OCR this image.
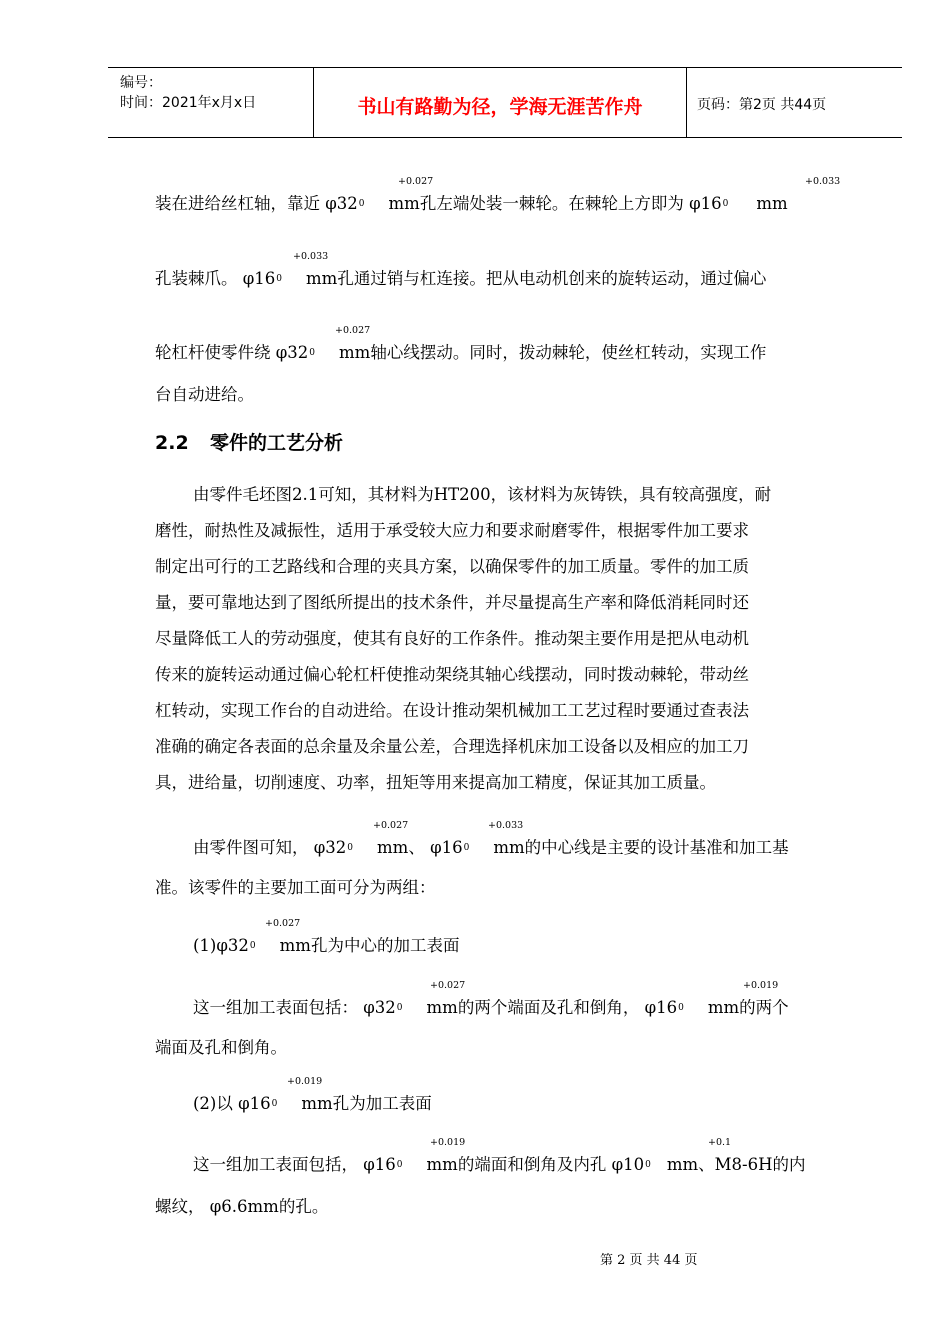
编号：
时间：2021年x月x日	书山有路勤为径，学海无涯苦作舟	页码：第2页 共44页
+0.027	+0.033
装在进给丝杠轴，靠近 φ320 mm孔左端处装一棘轮。在棘轮上方即为 φ160 mm
+0.033
孔装棘爪。 φ160 mm孔通过销与杠连接。把从电动机创来的旋转运动，通过偏心
+0.027
轮杠杆使零件绕 φ320 mm轴心线摆动。同时，拨动棘轮，使丝杠转动，实现工作
台自动进给。
2.2 零件的工艺分析
由零件毛坯图2.1可知，其材料为HT200，该材料为灰铸铁，具有较高强度，耐
磨性，耐热性及减振性，适用于承受较大应力和要求耐磨零件，根据零件加工要求
制定出可行的工艺路线和合理的夹具方案，以确保零件的加工质量。零件的加工质
量，要可靠地达到了图纸所提出的技术条件，并尽量提高生产率和降低消耗同时还
尽量降低工人的劳动强度，使其有良好的工作条件。推动架主要作用是把从电动机
传来的旋转运动通过偏心轮杠杆使推动架绕其轴心线摆动，同时拨动棘轮，带动丝
杠转动，实现工作台的自动进给。在设计推动架机械加工工艺过程时要通过查表法
准确的确定各表面的总余量及余量公差，合理选择机床加工设备以及相应的加工刀
具，进给量，切削速度、功率，扭矩等用来提高加工精度，保证其加工质量。
+0.027	+0.033
由零件图可知， φ320 mm、 φ160 mm的中心线是主要的设计基准和加工基
准。该零件的主要加工面可分为两组：
+0.027
(1)φ320 mm孔为中心的加工表面
+0.027	+0.019
这一组加工表面包括： φ320 mm的两个端面及孔和倒角， φ160 mm的两个
端面及孔和倒角。
+0.019
(2)以 φ160 mm孔为加工表面
+0.019	+0.1
这一组加工表面包括， φ160 mm的端面和倒角及内孔 φ100 mm、M8-6H的内
螺纹， φ6.6mm的孔。
第 2 页 共 44 页
